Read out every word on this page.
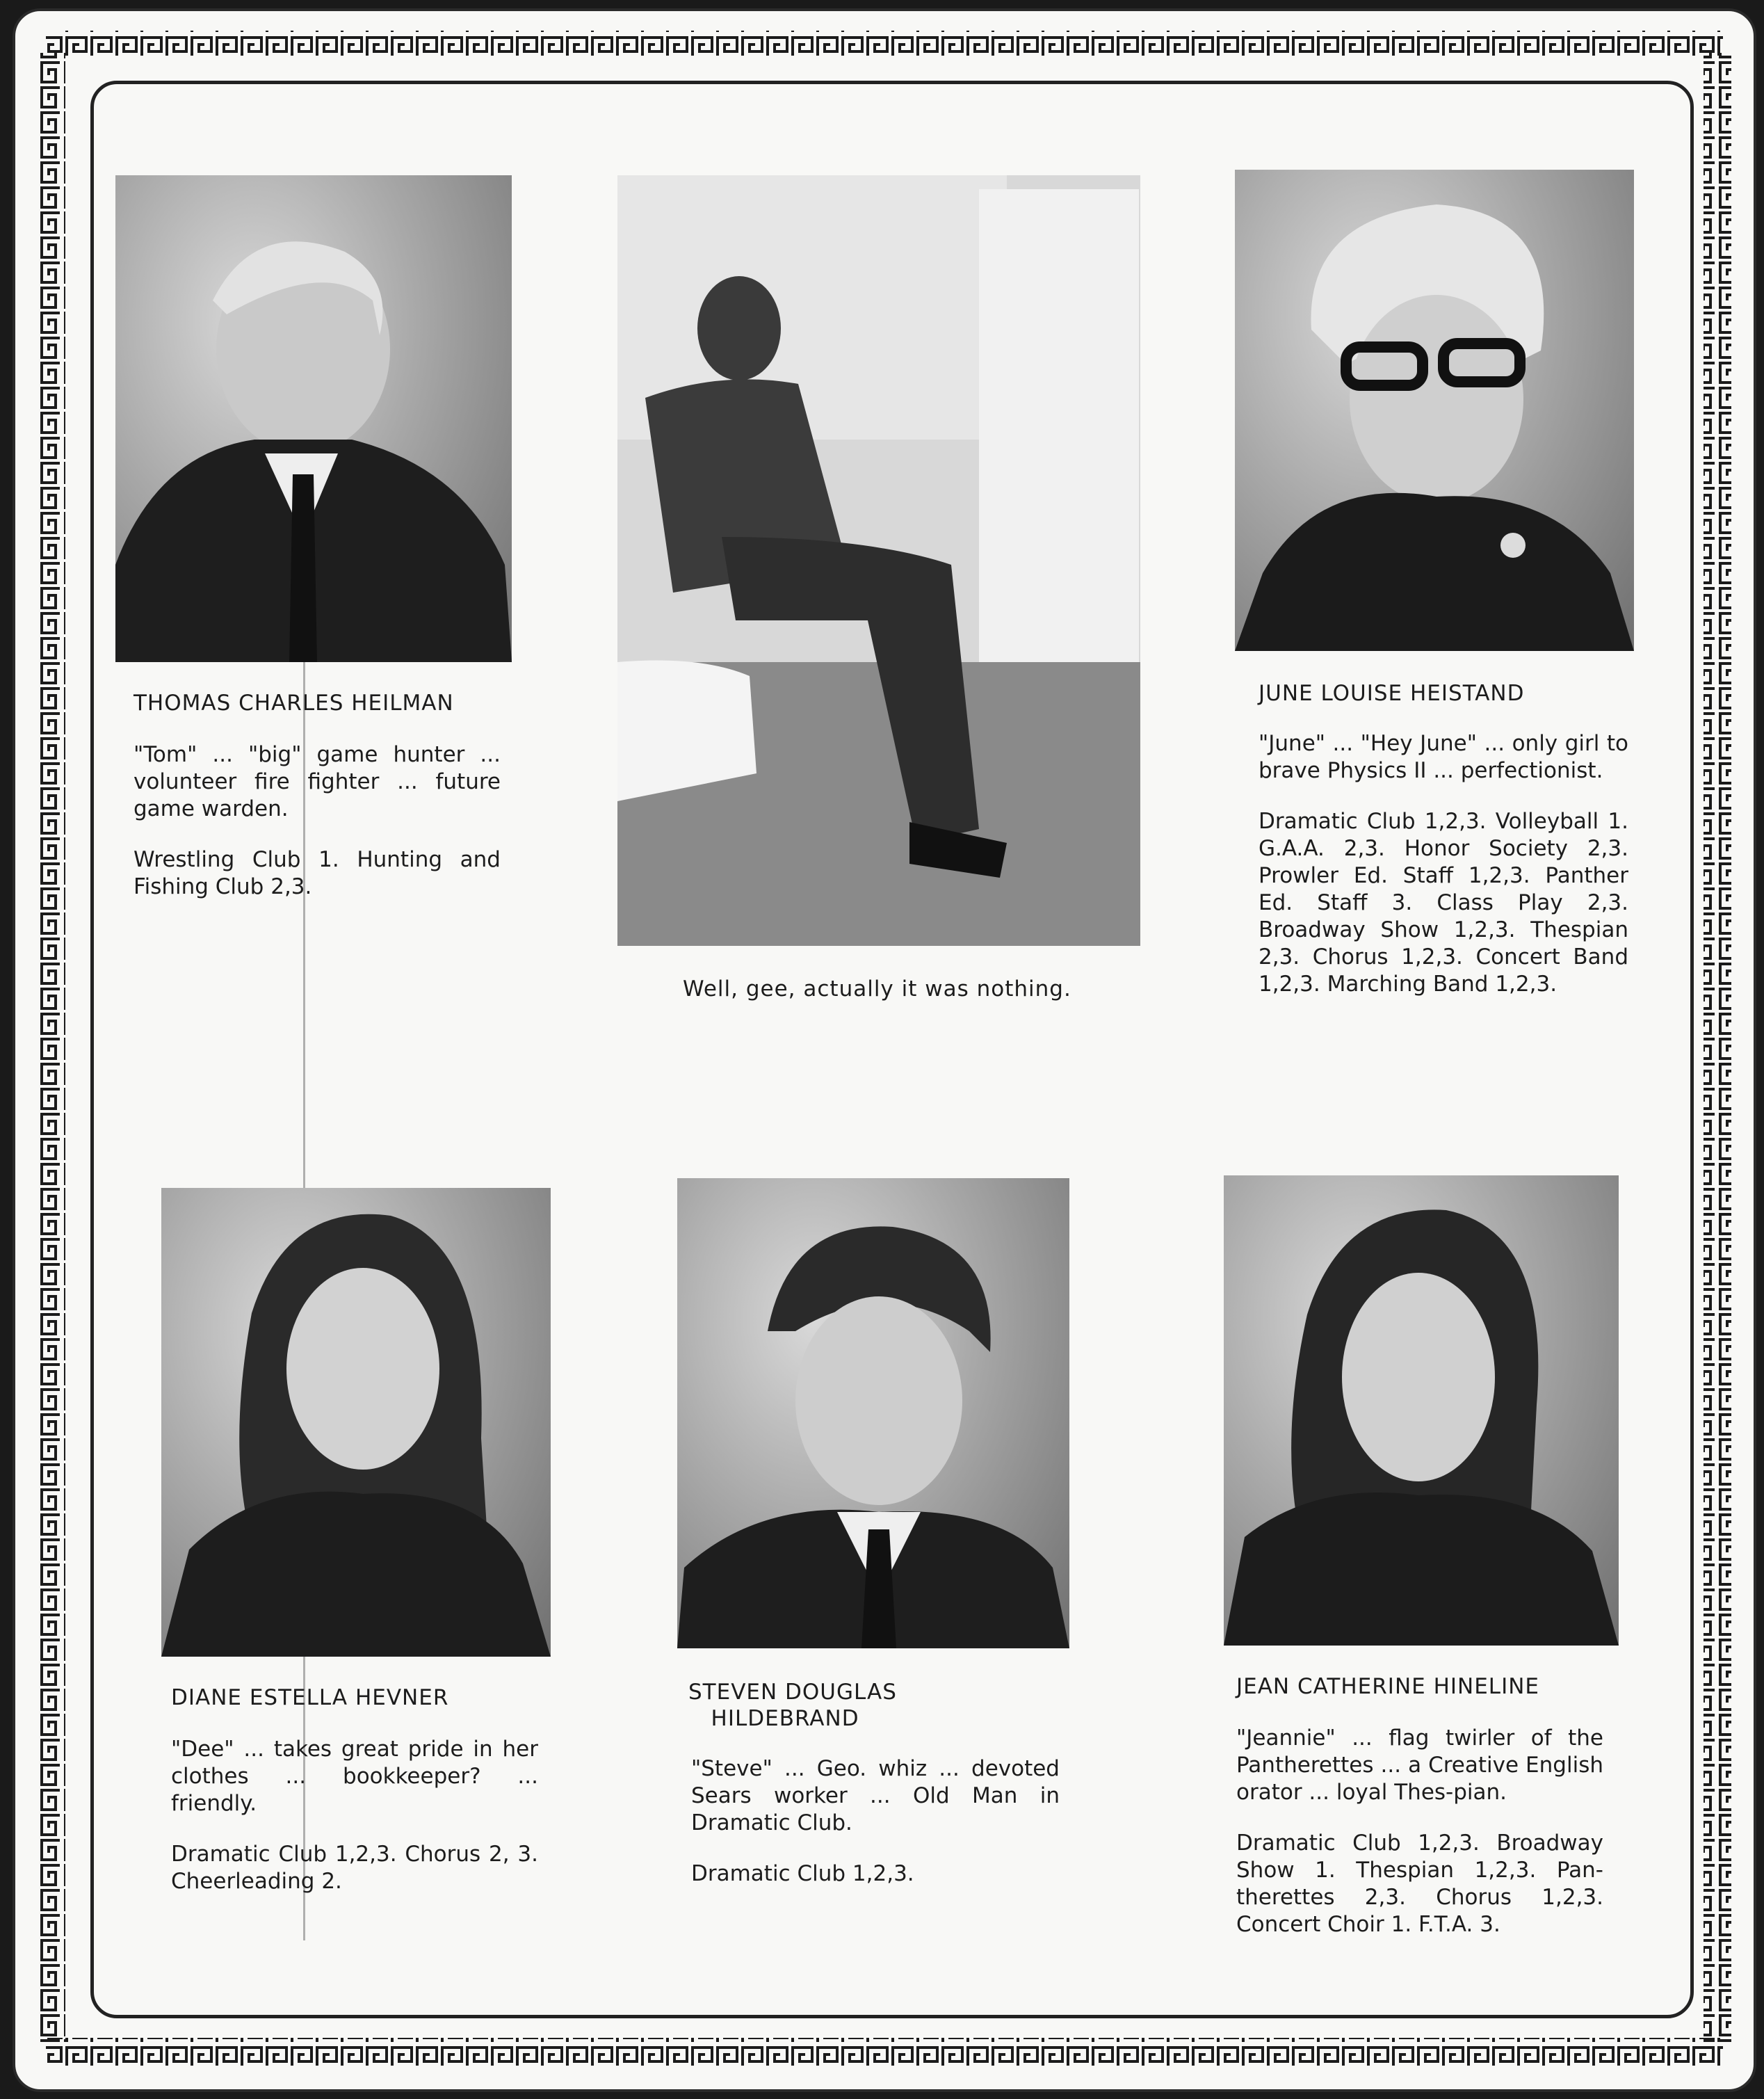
THOMAS CHARLES HEILMAN

"Tom" ... "big" game hunter ... volunteer fire fighter ... future game warden.

Wrestling Club 1. Hunting and Fishing Club 2,3.

Well, gee, actually it was nothing.
JUNE LOUISE HEISTAND

"June" ... "Hey June" ... only girl to brave Physics II ... perfectionist.

Dramatic Club 1,2,3. Volleyball 1. G.A.A. 2,3. Honor Society 2,3. Prowler Ed. Staff 1,2,3. Panther Ed. Staff 3. Class Play 2,3. Broadway Show 1,2,3. Thespian 2,3. Chorus 1,2,3. Concert Band 1,2,3. Marching Band 1,2,3.

DIANE ESTELLA HEVNER

"Dee" ... takes great pride in her clothes ... bookkeeper? ... friendly.

Dramatic Club 1,2,3. Chorus 2, 3. Cheerleading 2.

STEVEN DOUGLAS
HILDEBRAND

"Steve" ... Geo. whiz ... devoted Sears worker ... Old Man in Dramatic Club.

Dramatic Club 1,2,3.

JEAN CATHERINE HINELINE

"Jeannie" ... flag twirler of the Pantherettes ... a Creative English orator ... loyal Thes-pian.

Dramatic Club 1,2,3. Broadway Show 1. Thespian 1,2,3. Pan-therettes 2,3. Chorus 1,2,3. Concert Choir 1. F.T.A. 3.
